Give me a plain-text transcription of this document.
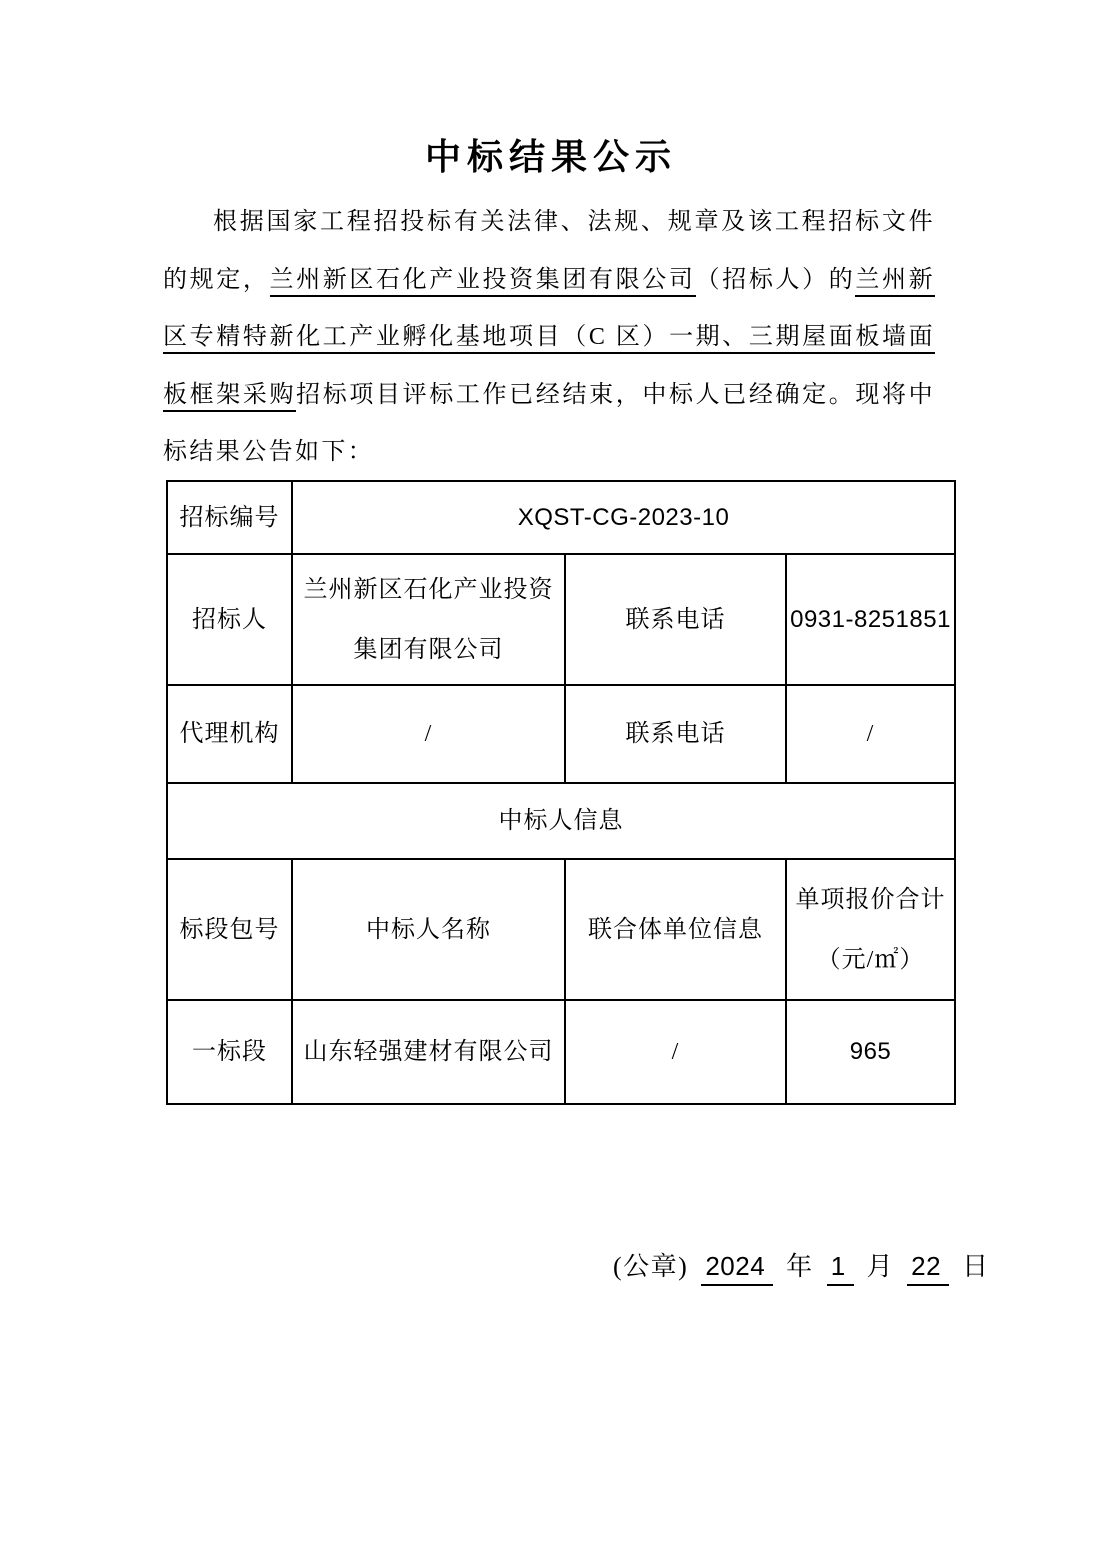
中标结果公示
根据国家工程招投标有关法律、法规、规章及该工程招标文件的规定，兰州新区石化产业投资集团有限公司（招标人）的兰州新区专精特新化工产业孵化基地项目（C 区）一期、三期屋面板墙面板框架采购招标项目评标工作已经结束，中标人已经确定。现将中标结果公告如下：
招标编号	XQST-CG-2023-10		
招标人	兰州新区石化产业投资集团有限公司	联系电话	0931-8251851
代理机构	/	联系电话	/
中标人信息			
标段包号	中标人名称	联合体单位信息	单项报价合计（元/㎡）
一标段	山东轻强建材有限公司	/	965
(公章) 2024 年 1 月 22 日
